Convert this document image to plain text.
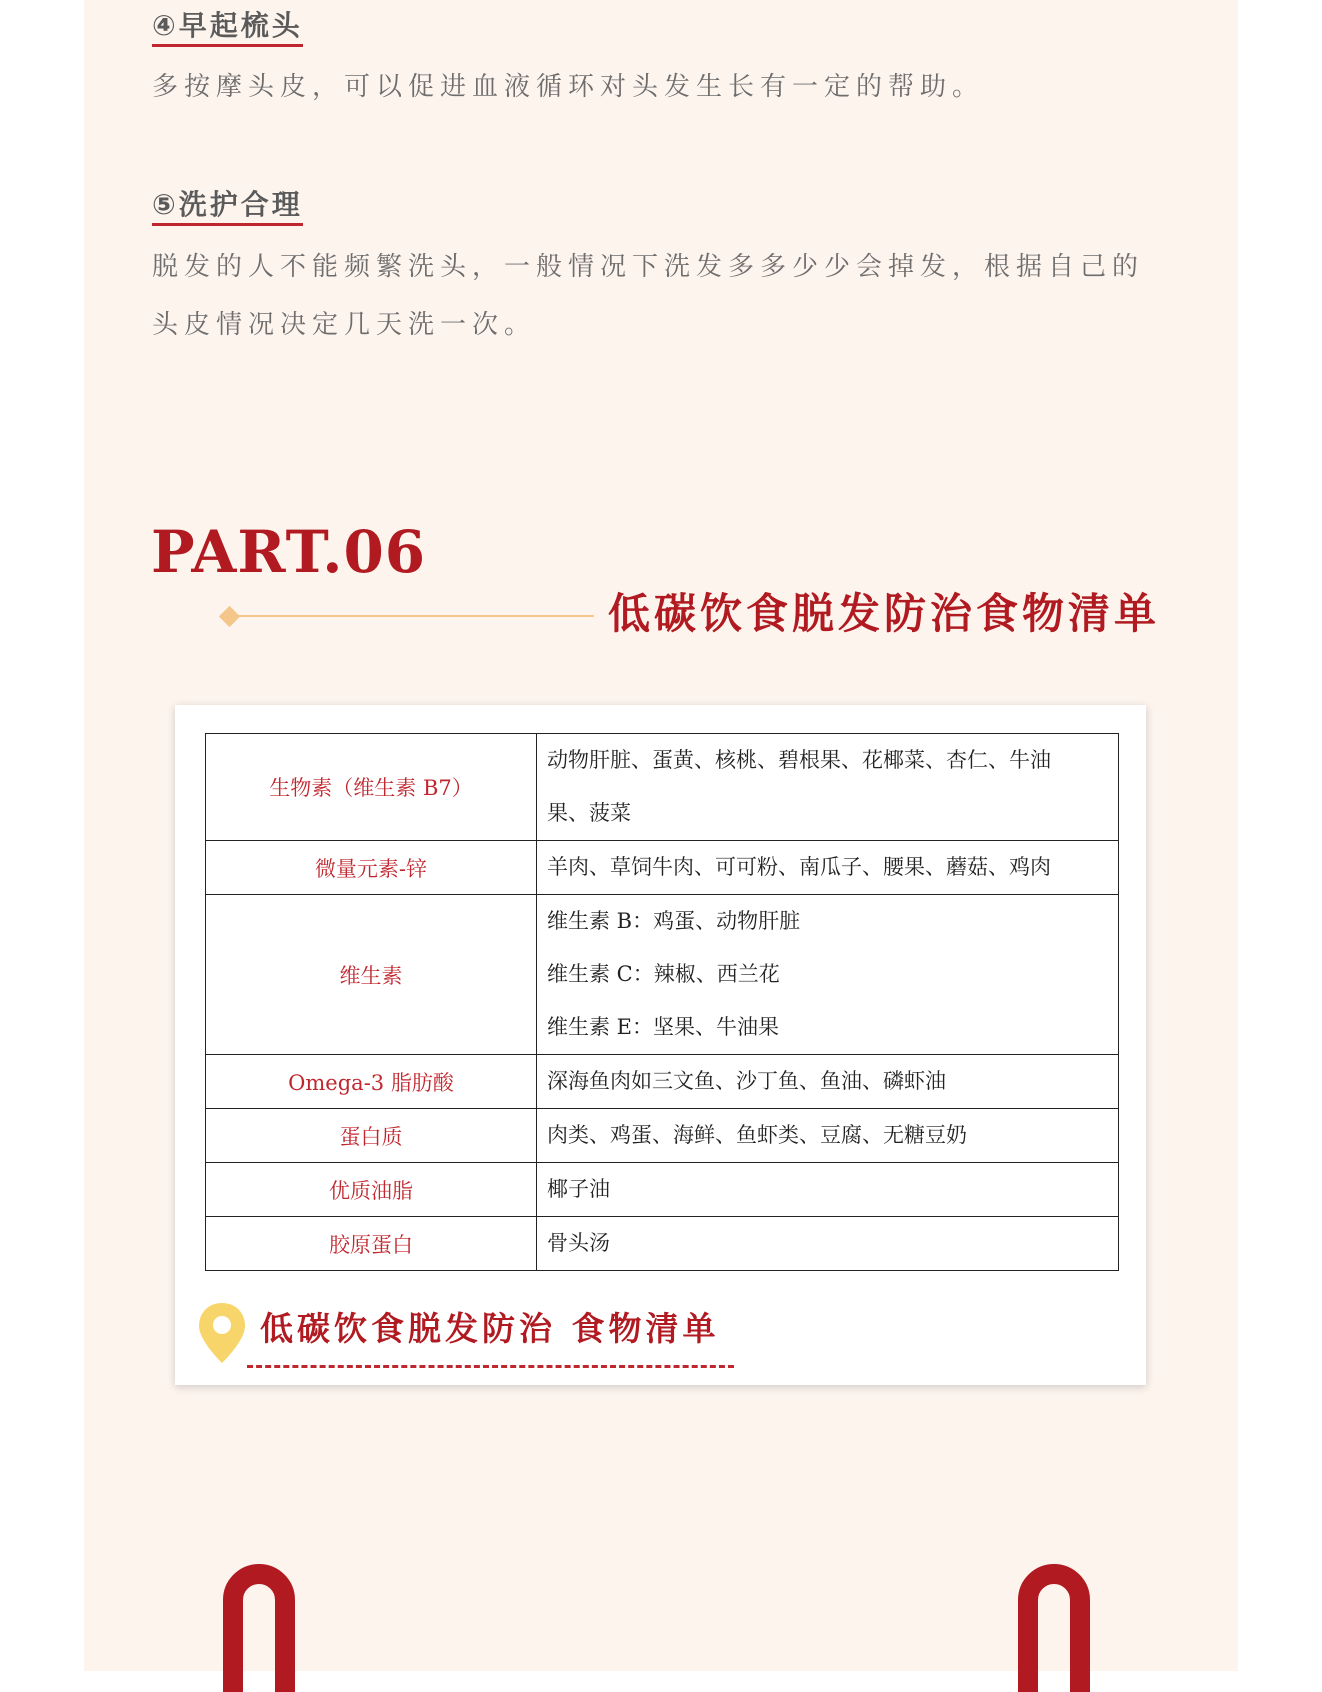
④早起梳头
多按摩头皮，可以促进血液循环对头发生长有一定的帮助。
⑤洗护合理
脱发的人不能频繁洗头，一般情况下洗发多多少少会掉发，根据自己的
头皮情况决定几天洗一次。
PART.06
低碳饮食脱发防治食物清单
生物素（维生素 B7）	动物肝脏、蛋黄、核桃、碧根果、花椰菜、杏仁、牛油
果、菠菜

微量元素-锌	羊肉、草饲牛肉、可可粉、南瓜子、腰果、蘑菇、鸡肉

维生素	维生素 B：鸡蛋、动物肝脏
维生素 C：辣椒、西兰花
维生素 E：坚果、牛油果

Omega-3 脂肪酸	深海鱼肉如三文鱼、沙丁鱼、鱼油、磷虾油

蛋白质	肉类、鸡蛋、海鲜、鱼虾类、豆腐、无糖豆奶

优质油脂	椰子油

胶原蛋白	骨头汤
低碳饮食脱发防治 食物清单
